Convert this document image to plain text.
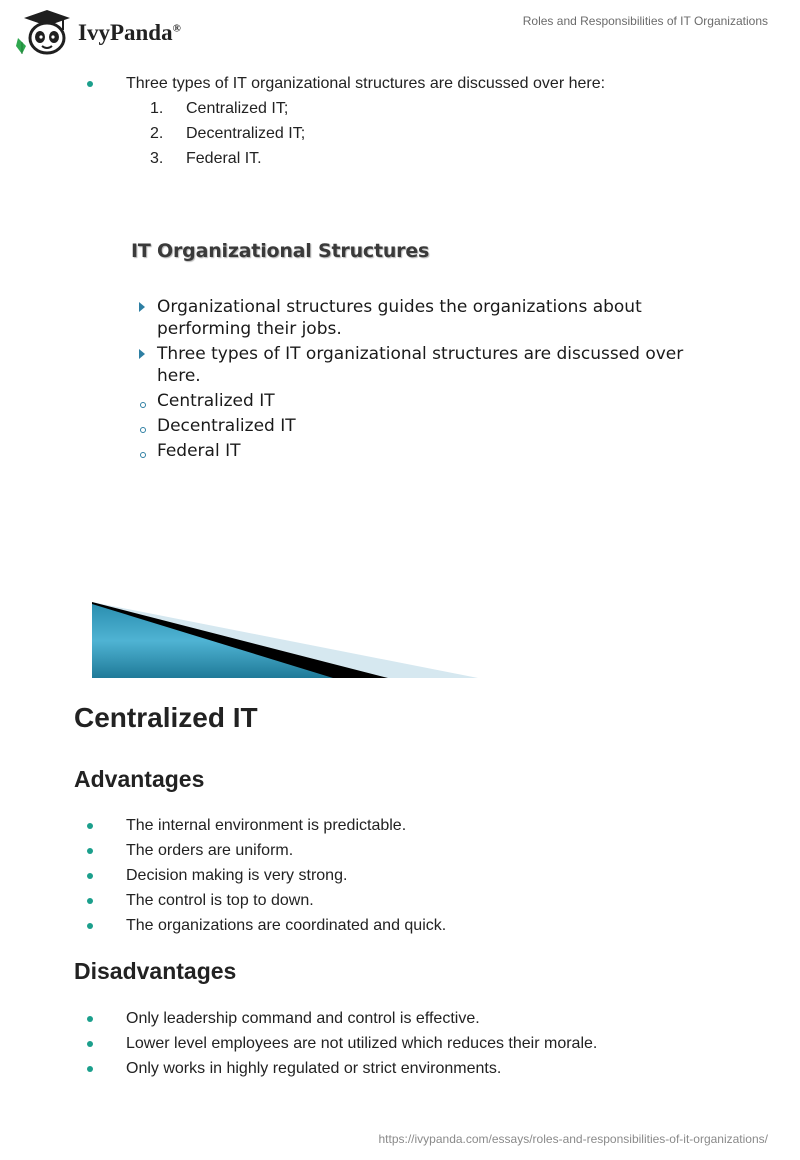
IvyPanda®
Roles and Responsibilities of IT Organizations
Three types of IT organizational structures are discussed over here:
1. Centralized IT;
2. Decentralized IT;
3. Federal IT.
IT Organizational Structures
Organizational structures guides the organizations about performing their jobs.
Three types of IT organizational structures are discussed over here.
Centralized IT
Decentralized IT
Federal IT
Centralized IT
Advantages
The internal environment is predictable.
The orders are uniform.
Decision making is very strong.
The control is top to down.
The organizations are coordinated and quick.
Disadvantages
Only leadership command and control is effective.
Lower level employees are not utilized which reduces their morale.
Only works in highly regulated or strict environments.
https://ivypanda.com/essays/roles-and-responsibilities-of-it-organizations/
